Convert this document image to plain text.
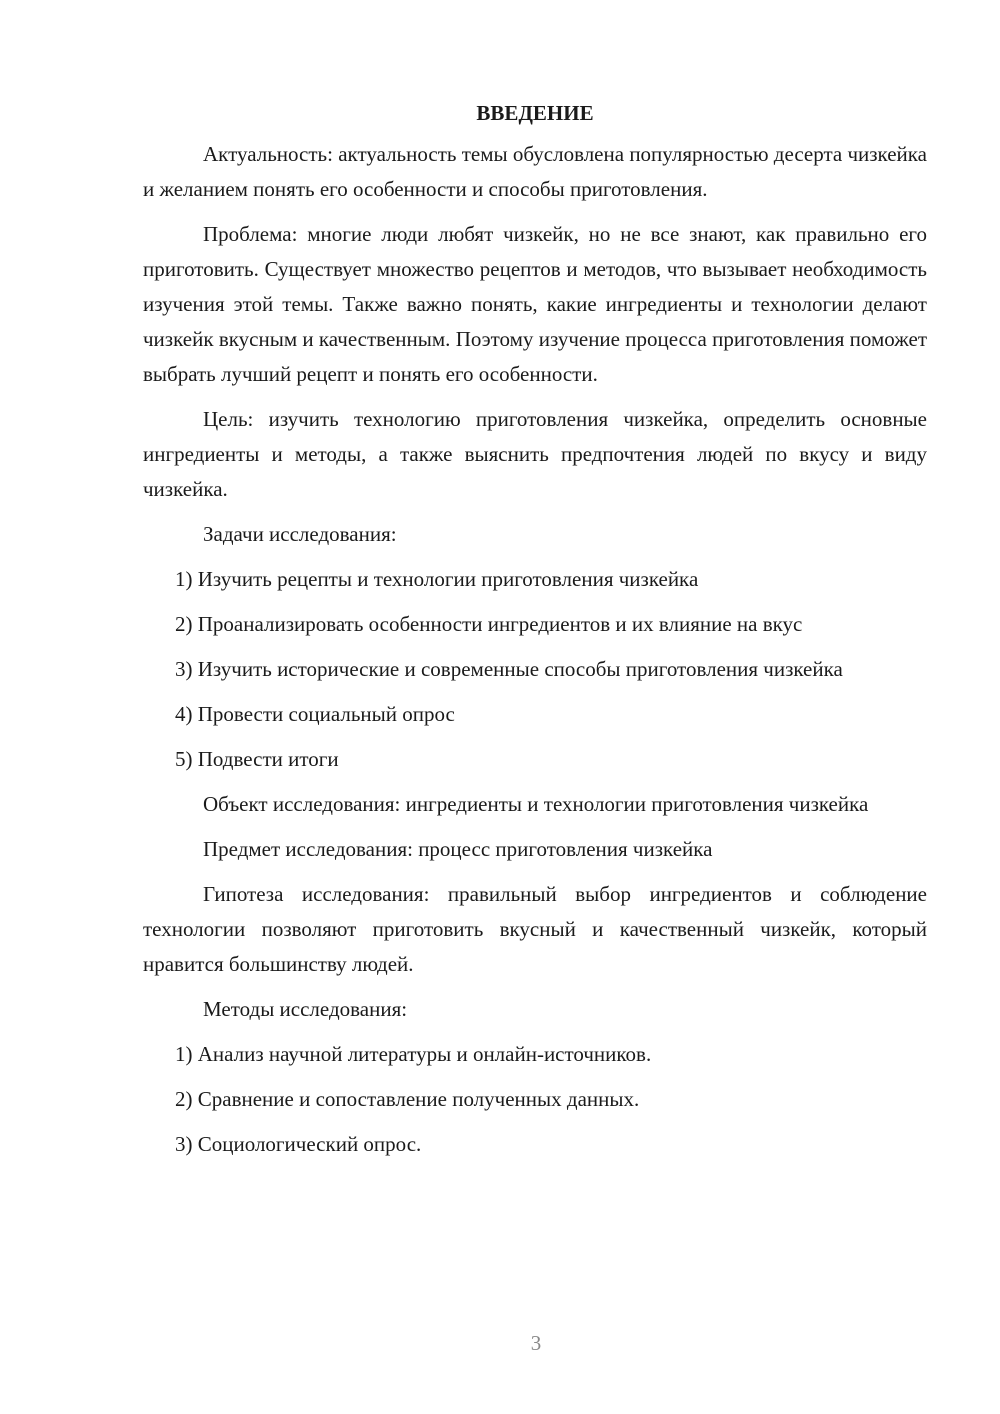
ВВЕДЕНИЕ

Актуальность: актуальность темы обусловлена популярностью десерта чизкейка и желанием понять его особенности и способы приготовления.

Проблема: многие люди любят чизкейк, но не все знают, как правильно его приготовить. Существует множество рецептов и методов, что вызывает необходимость изучения этой темы. Также важно понять, какие ингредиенты и технологии делают чизкейк вкусным и качественным. Поэтому изучение процесса приготовления поможет выбрать лучший рецепт и понять его особенности.

Цель: изучить технологию приготовления чизкейка, определить основные ингредиенты и методы, а также выяснить предпочтения людей по вкусу и виду чизкейка.

Задачи исследования:

1) Изучить рецепты и технологии приготовления чизкейка

2) Проанализировать особенности ингредиентов и их влияние на вкус

3) Изучить исторические и современные способы приготовления чизкейка

4) Провести социальный опрос

5) Подвести итоги

Объект исследования: ингредиенты и технологии приготовления чизкейка

Предмет исследования: процесс приготовления чизкейка

Гипотеза исследования: правильный выбор ингредиентов и соблюдение технологии позволяют приготовить вкусный и качественный чизкейк, который нравится большинству людей.

Методы исследования:

1) Анализ научной литературы и онлайн-источников.

2) Сравнение и сопоставление полученных данных.

3) Социологический опрос.

3
